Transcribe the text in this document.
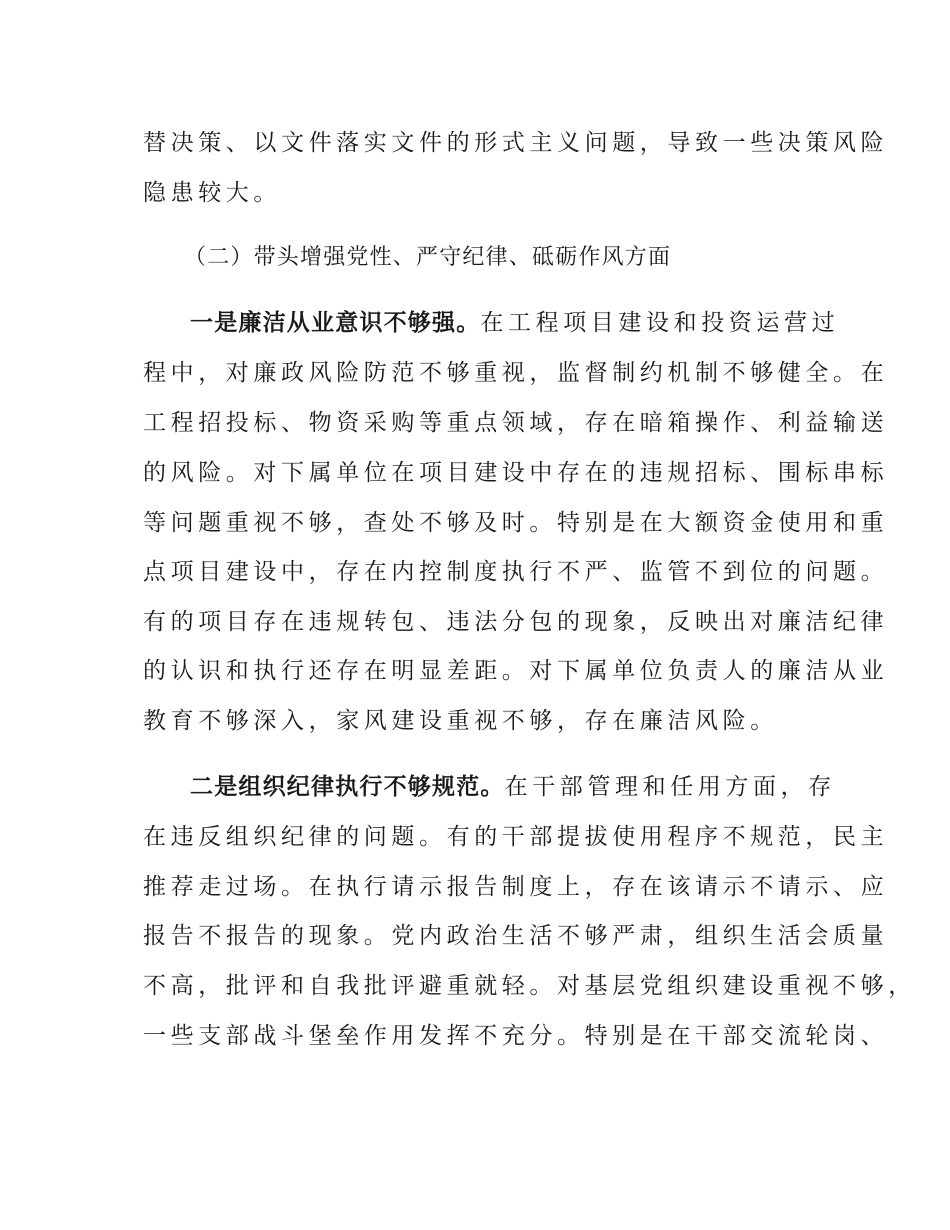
替决策、以文件落实文件的形式主义问题，导致一些决策风险
隐患较大。
（二）带头增强党性、严守纪律、砥砺作风方面
一是廉洁从业意识不够强。在工程项目建设和投资运营过
程中，对廉政风险防范不够重视，监督制约机制不够健全。在
工程招投标、物资采购等重点领域，存在暗箱操作、利益输送
的风险。对下属单位在项目建设中存在的违规招标、围标串标
等问题重视不够，查处不够及时。特别是在大额资金使用和重
点项目建设中，存在内控制度执行不严、监管不到位的问题。
有的项目存在违规转包、违法分包的现象，反映出对廉洁纪律
的认识和执行还存在明显差距。对下属单位负责人的廉洁从业
教育不够深入，家风建设重视不够，存在廉洁风险。
二是组织纪律执行不够规范。在干部管理和任用方面，存
在违反组织纪律的问题。有的干部提拔使用程序不规范，民主
推荐走过场。在执行请示报告制度上，存在该请示不请示、应
报告不报告的现象。党内政治生活不够严肃，组织生活会质量
不高，批评和自我批评避重就轻。对基层党组织建设重视不够，
一些支部战斗堡垒作用发挥不充分。特别是在干部交流轮岗、
